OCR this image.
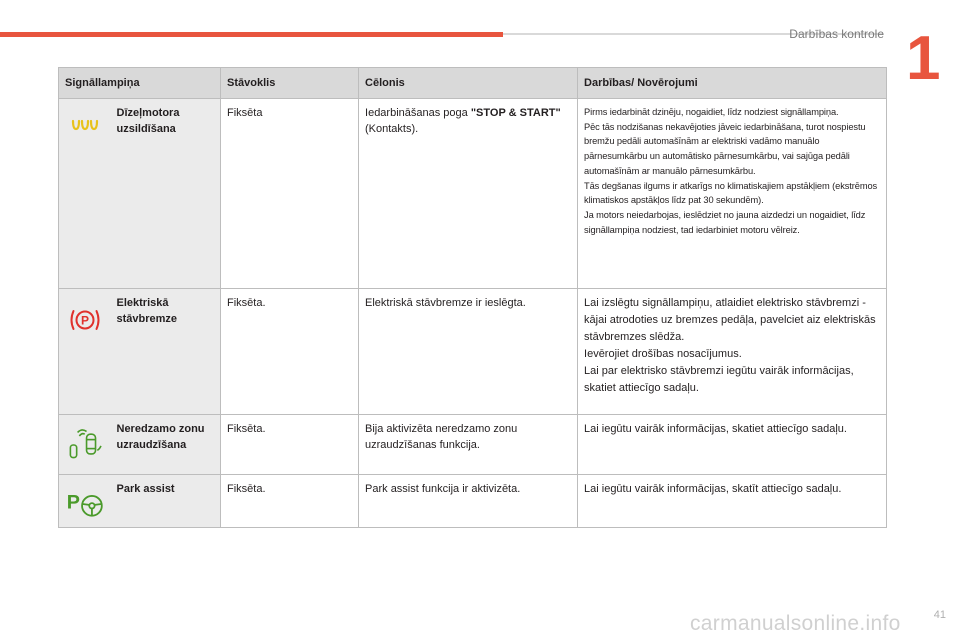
Darbības kontrole 1
Signāllampiņa		Stāvoklis	Cēlonis	Darbības/ Novērojumi

	Dīzeļmotora uzsildīšana	Fiksēta	Iedarbināšanas poga "STOP & START" (Kontakts).	Pirms iedarbināt dzinēju, nogaidiet, līdz nodziest signāllampiņa.
Pēc tās nodzišanas nekavējoties jāveic iedarbināšana, turot nospiestu bremžu pedāli automašīnām ar elektriski vadāmo manuālo pārnesumkārbu un automātisko pārnesumkārbu, vai sajūga pedāli automašīnām ar manuālo pārnesumkārbu.
Tās degšanas ilgums ir atkarīgs no klimatiskajiem apstākļiem (ekstrēmos klimatiskos apstākļos līdz pat 30 sekundēm).
Ja motors neiedarbojas, ieslēdziet no jauna aizdedzi un nogaidiet, līdz signāllampiņa nodziest, tad iedarbiniet motoru vēlreiz.

P	Elektriskā stāvbremze	Fiksēta.	Elektriskā stāvbremze ir ieslēgta.	Lai izslēgtu signāllampiņu, atlaidiet elektrisko stāvbremzi - kājai atrodoties uz bremzes pedāļa, pavelciet aiz elektriskās stāvbremzes slēdža.
Ievērojiet drošības nosacījumus.
Lai par elektrisko stāvbremzi iegūtu vairāk informācijas, skatiet attiecīgo sadaļu.

	Neredzamo zonu uzraudzīšana	Fiksēta.	Bija aktivizēta neredzamo zonu uzraudzīšanas funkcija.	Lai iegūtu vairāk informācijas, skatiet attiecīgo sadaļu.

P	Park assist	Fiksēta.	Park assist funkcija ir aktivizēta.	Lai iegūtu vairāk informācijas, skatīt attiecīgo sadaļu.
41
carmanualsonline.info
